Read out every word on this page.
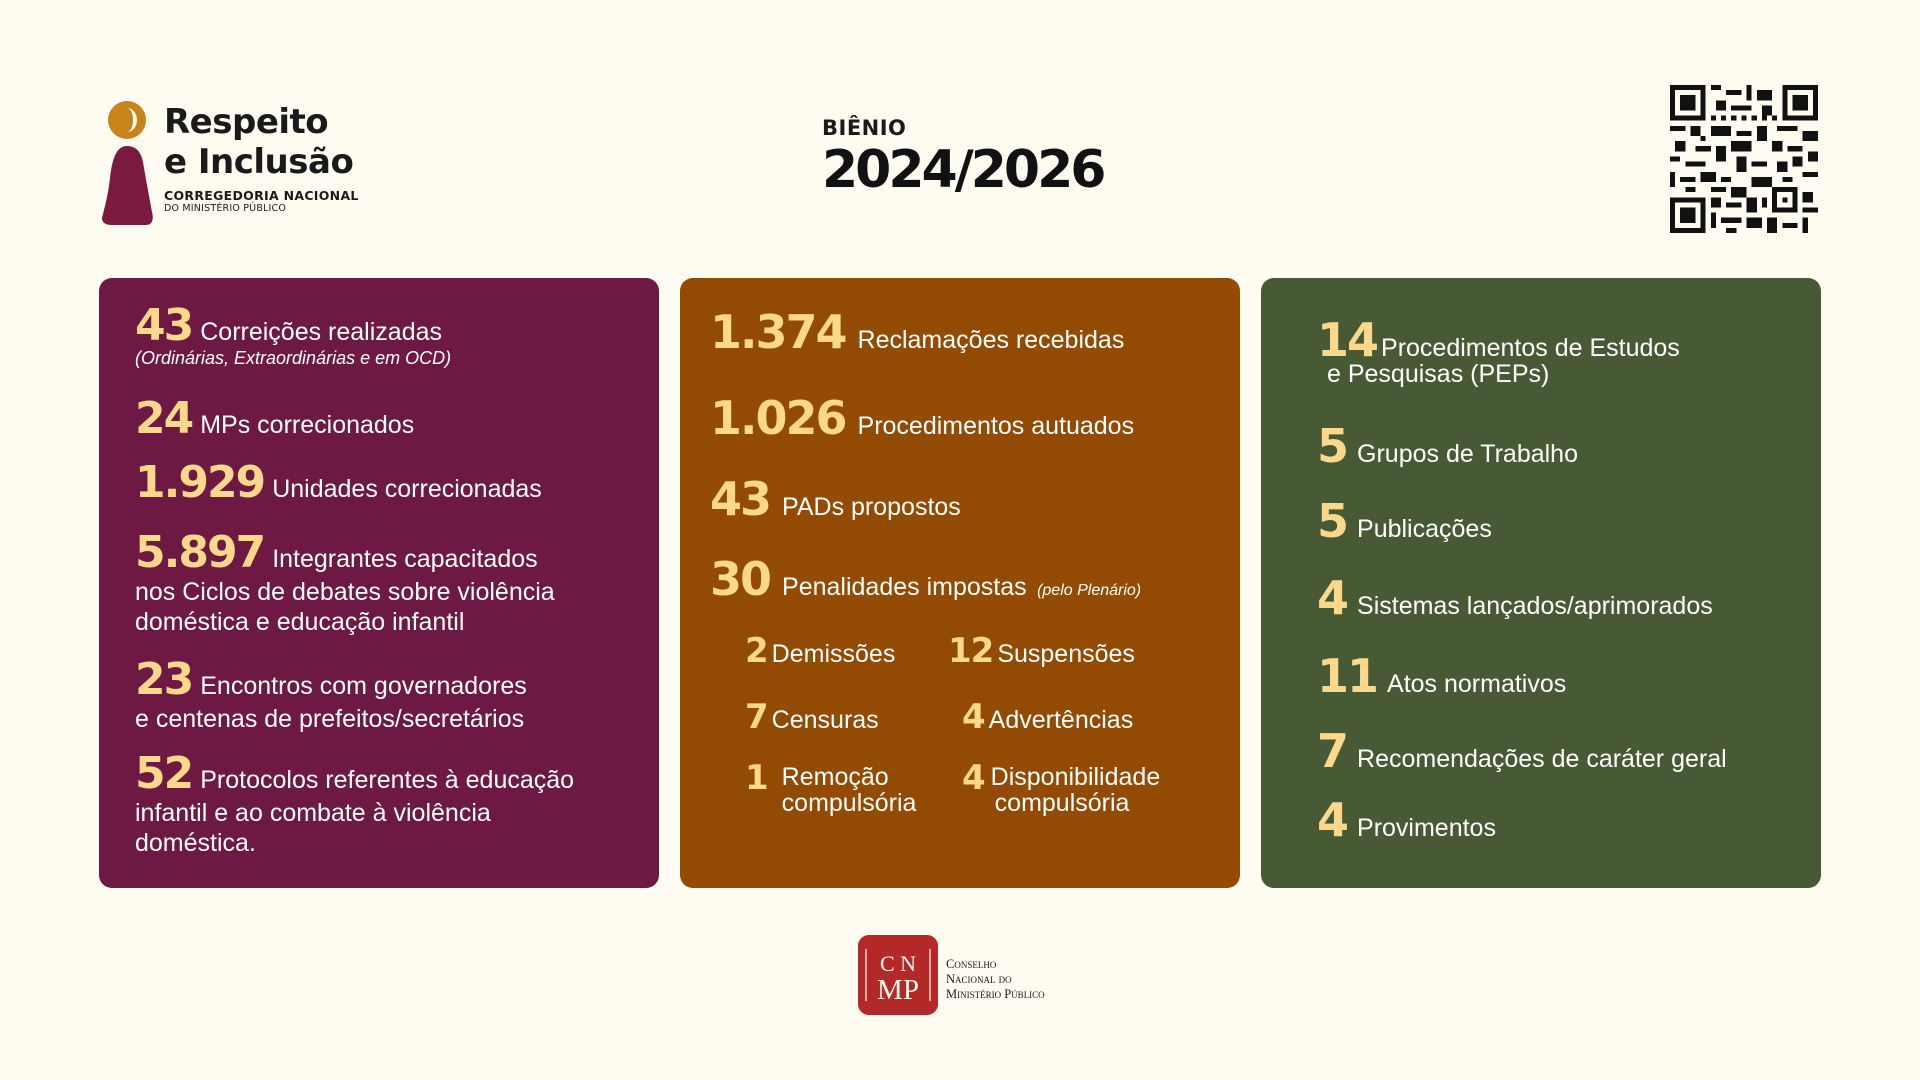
Respeito
e Inclusão
CORREGEDORIA NACIONAL
DO MINISTÉRIO PÚBLICO
BIÊNIO
2024/2026
43 Correições realizadas
(Ordinárias, Extraordinárias e em OCD)
24 MPs correcionados
1.929 Unidades correcionadas
5.897 Integrantes capacitados
nos Ciclos de debates sobre violência
doméstica e educação infantil
23 Encontros com governadores
e centenas de prefeitos/secretários
52 Protocolos referentes à educação
infantil e ao combate à violência
doméstica.
1.374 Reclamações recebidas
1.026 Procedimentos autuados
43 PADs propostos
30 Penalidades impostas (pelo Plenário)
2 Demissões 12 Suspensões
7 Censuras 4 Advertências
1 Remoção
compulsória
4 Disponibilidade
compulsória
14 Procedimentos de Estudos
e Pesquisas (PEPs)
5 Grupos de Trabalho
5 Publicações
4 Sistemas lançados/aprimorados
11 Atos normativos
7 Recomendações de caráter geral
4 Provimentos
C N
MP
Conselho
Nacional do
Ministério Público
